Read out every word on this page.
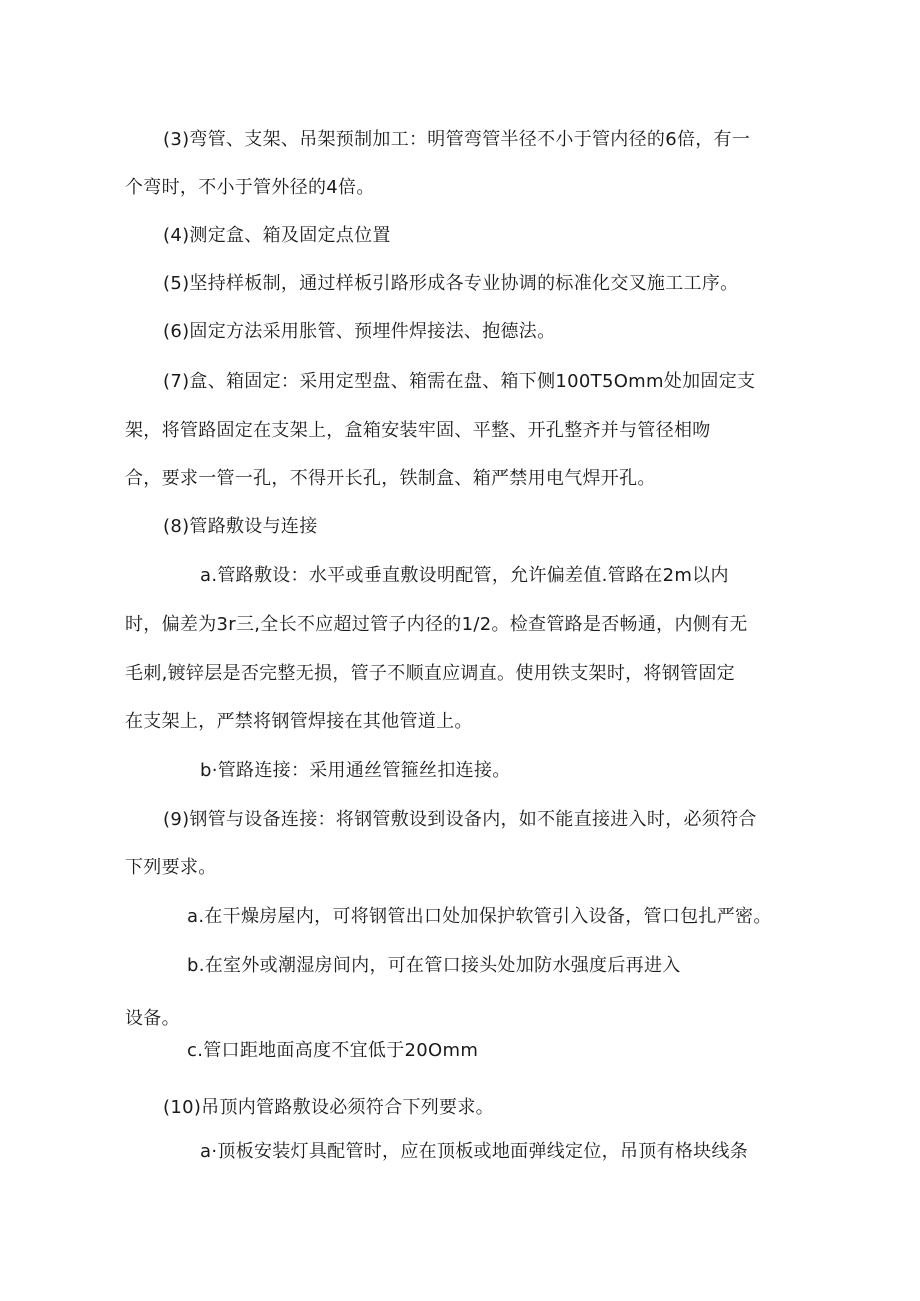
(3)弯管、支架、吊架预制加工：明管弯管半径不小于管内径的6倍，有一
个弯时，不小于管外径的4倍。
(4)测定盒、箱及固定点位置
(5)坚持样板制，通过样板引路形成各专业协调的标准化交叉施工工序。
(6)固定方法采用胀管、预埋件焊接法、抱德法。
(7)盒、箱固定：采用定型盘、箱需在盘、箱下侧100T5Omm处加固定支
架，将管路固定在支架上，盒箱安装牢固、平整、开孔整齐并与管径相吻
合，要求一管一孔，不得开长孔，铁制盒、箱严禁用电气焊开孔。
(8)管路敷设与连接
a.管路敷设：水平或垂直敷设明配管，允许偏差值.管路在2m以内
时，偏差为3r三,全长不应超过管子内径的1/2。检查管路是否畅通，内侧有无
毛刺,镀锌层是否完整无损，管子不顺直应调直。使用铁支架时，将钢管固定
在支架上，严禁将钢管焊接在其他管道上。
b·管路连接：采用通丝管箍丝扣连接。
(9)钢管与设备连接：将钢管敷设到设备内，如不能直接进入时，必须符合
下列要求。
a.在干燥房屋内，可将钢管出口处加保护软管引入设备，管口包扎严密。
b.在室外或潮湿房间内，可在管口接头处加防水强度后再进入
设备。
c.管口距地面高度不宜低于20Omm
(10)吊顶内管路敷设必须符合下列要求。
a·顶板安装灯具配管时，应在顶板或地面弹线定位，吊顶有格块线条
